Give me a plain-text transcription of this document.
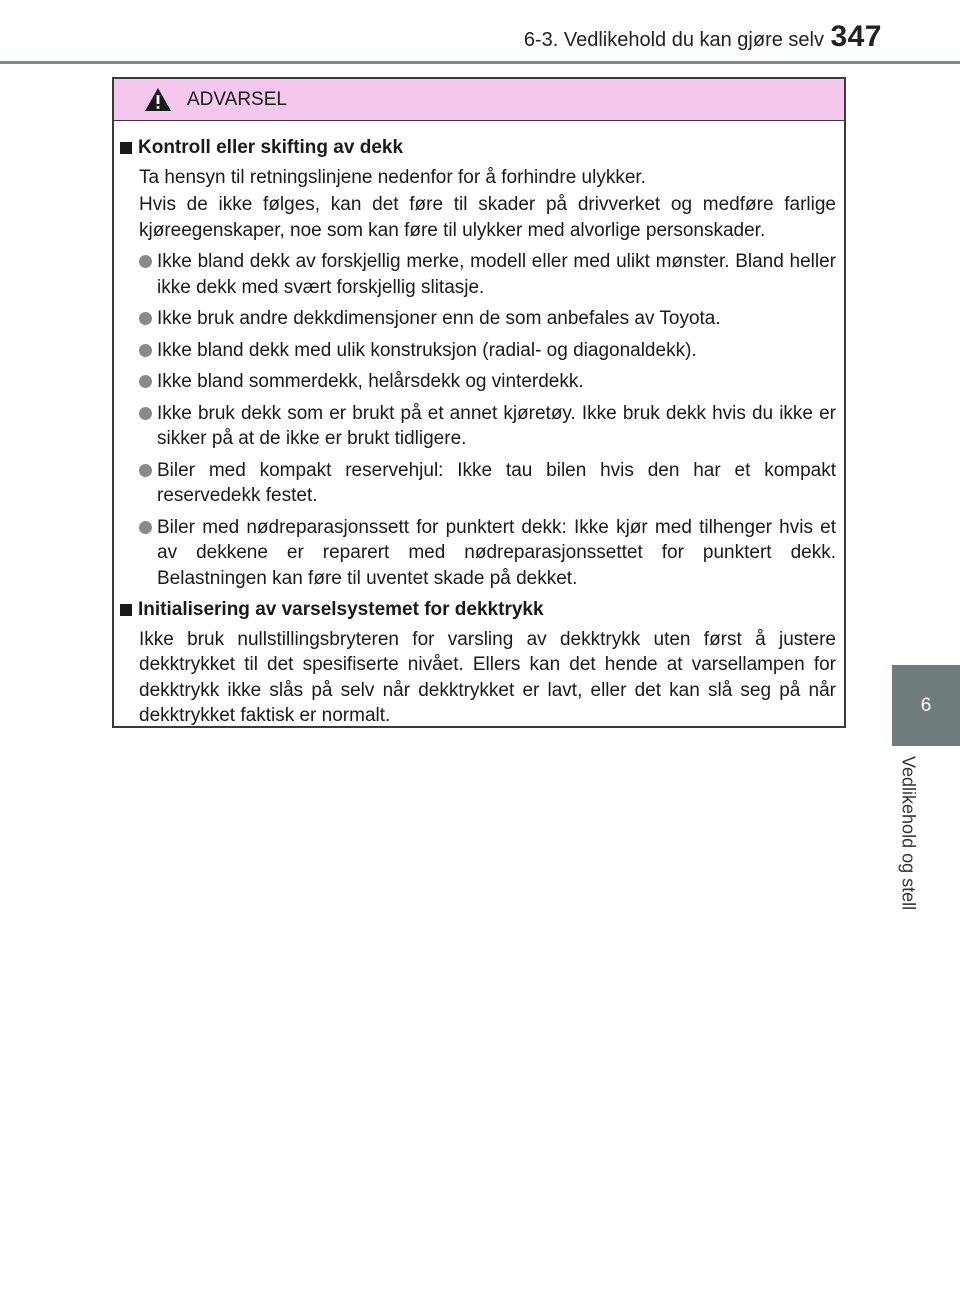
6-3. Vedlikehold du kan gjøre selv 347
6
Vedlikehold og stell
ADVARSEL
Kontroll eller skifting av dekk
Ta hensyn til retningslinjene nedenfor for å forhindre ulykker.
Hvis de ikke følges, kan det føre til skader på drivverket og medføre farlige kjøreegenskaper, noe som kan føre til ulykker med alvorlige personskader.
Ikke bland dekk av forskjellig merke, modell eller med ulikt mønster. Bland heller ikke dekk med svært forskjellig slitasje.
Ikke bruk andre dekkdimensjoner enn de som anbefales av Toyota.
Ikke bland dekk med ulik konstruksjon (radial- og diagonaldekk).
Ikke bland sommerdekk, helårsdekk og vinterdekk.
Ikke bruk dekk som er brukt på et annet kjøretøy. Ikke bruk dekk hvis du ikke er sikker på at de ikke er brukt tidligere.
Biler med kompakt reservehjul: Ikke tau bilen hvis den har et kompakt reservedekk festet.
Biler med nødreparasjonssett for punktert dekk: Ikke kjør med tilhenger hvis et av dekkene er reparert med nødreparasjonssettet for punktert dekk. Belastningen kan føre til uventet skade på dekket.
Initialisering av varselsystemet for dekktrykk
Ikke bruk nullstillingsbryteren for varsling av dekktrykk uten først å justere dekktrykket til det spesifiserte nivået. Ellers kan det hende at varsellampen for dekktrykk ikke slås på selv når dekktrykket er lavt, eller det kan slå seg på når dekktrykket faktisk er normalt.
